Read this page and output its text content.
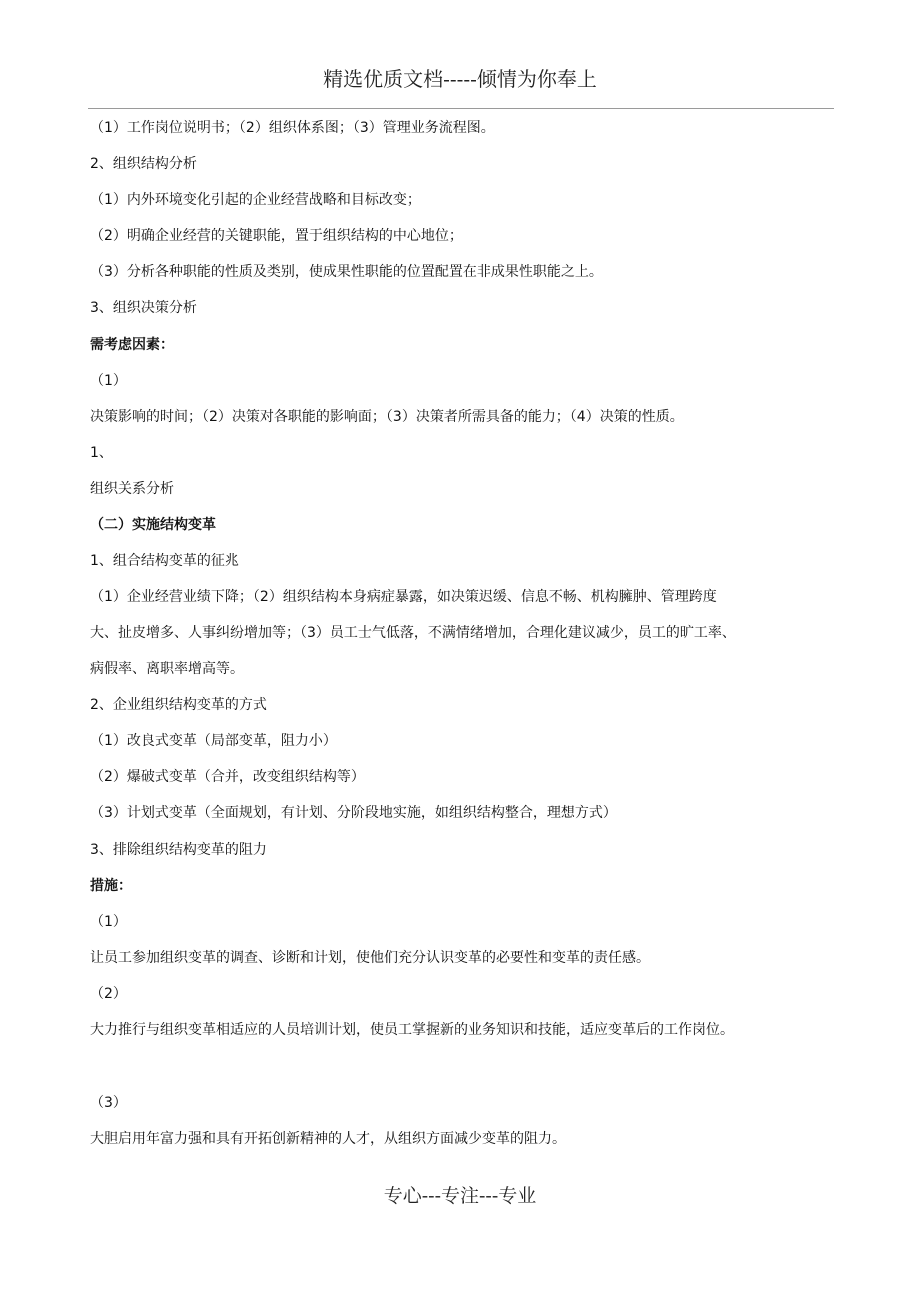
精选优质文档-----倾情为你奉上
（1）工作岗位说明书；（2）组织体系图；（3）管理业务流程图。
2、组织结构分析
（1）内外环境变化引起的企业经营战略和目标改变；
（2）明确企业经营的关键职能，置于组织结构的中心地位；
（3）分析各种职能的性质及类别，使成果性职能的位置配置在非成果性职能之上。
3、组织决策分析
需考虑因素：
（1）
决策影响的时间；（2）决策对各职能的影响面；（3）决策者所需具备的能力；（4）决策的性质。
1、
组织关系分析
（二）实施结构变革
1、组合结构变革的征兆
（1）企业经营业绩下降；（2）组织结构本身病症暴露，如决策迟缓、信息不畅、机构臃肿、管理跨度
大、扯皮增多、人事纠纷增加等；（3）员工士气低落，不满情绪增加，合理化建议减少，员工的旷工率、
病假率、离职率增高等。
2、企业组织结构变革的方式
（1）改良式变革（局部变革，阻力小）
（2）爆破式变革（合并，改变组织结构等）
（3）计划式变革（全面规划，有计划、分阶段地实施，如组织结构整合，理想方式）
3、排除组织结构变革的阻力
措施：
（1）
让员工参加组织变革的调查、诊断和计划，使他们充分认识变革的必要性和变革的责任感。
（2）
大力推行与组织变革相适应的人员培训计划，使员工掌握新的业务知识和技能，适应变革后的工作岗位。
（3）
大胆启用年富力强和具有开拓创新精神的人才，从组织方面减少变革的阻力。
专心---专注---专业
